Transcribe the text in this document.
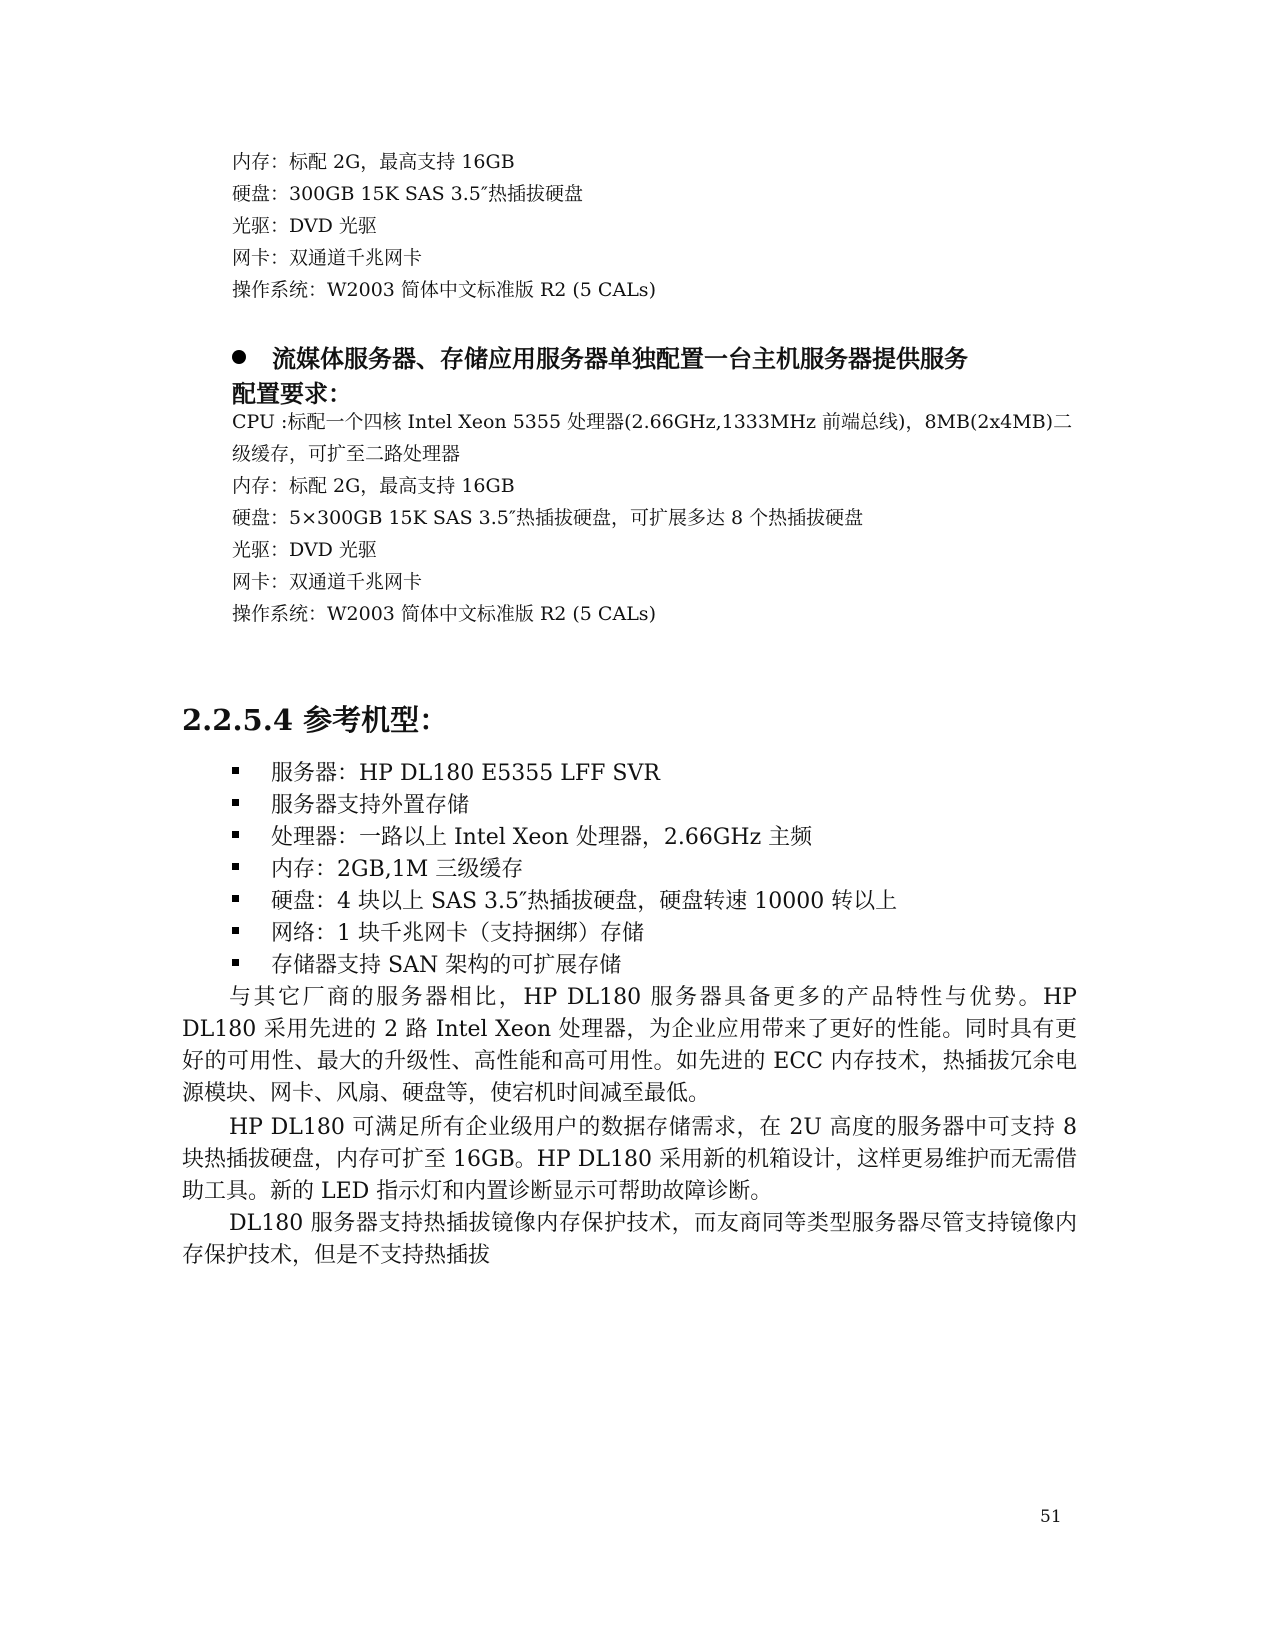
内存：标配 2G，最高支持 16GB
硬盘：300GB 15K SAS 3.5″热插拔硬盘
光驱：DVD 光驱
网卡：双通道千兆网卡
操作系统：W2003 简体中文标准版 R2 (5 CALs)
流媒体服务器、存储应用服务器单独配置一台主机服务器提供服务
配置要求：
CPU :标配一个四核 Intel Xeon 5355 处理器(2.66GHz,1333MHz 前端总线)，8MB(2x4MB)二级缓存，可扩至二路处理器
内存：标配 2G，最高支持 16GB
硬盘：5×300GB 15K SAS 3.5″热插拔硬盘，可扩展多达 8 个热插拔硬盘
光驱：DVD 光驱
网卡：双通道千兆网卡
操作系统：W2003 简体中文标准版 R2 (5 CALs)
2.2.5.4 参考机型：
服务器：HP DL180 E5355 LFF SVR
服务器支持外置存储
处理器：一路以上 Intel Xeon 处理器，2.66GHz 主频
内存：2GB,1M 三级缓存
硬盘：4 块以上 SAS 3.5″热插拔硬盘，硬盘转速 10000 转以上
网络：1 块千兆网卡（支持捆绑）存储
存储器支持 SAN 架构的可扩展存储

与其它厂商的服务器相比，HP DL180 服务器具备更多的产品特性与优势。HP DL180 采用先进的 2 路 Intel Xeon 处理器，为企业应用带来了更好的性能。同时具有更好的可用性、最大的升级性、高性能和高可用性。如先进的 ECC 内存技术，热插拔冗余电源模块、网卡、风扇、硬盘等，使宕机时间减至最低。

HP DL180 可满足所有企业级用户的数据存储需求，在 2U 高度的服务器中可支持 8 块热插拔硬盘，内存可扩至 16GB。HP DL180 采用新的机箱设计，这样更易维护而无需借助工具。新的 LED 指示灯和内置诊断显示可帮助故障诊断。

DL180 服务器支持热插拔镜像内存保护技术，而友商同等类型服务器尽管支持镜像内存保护技术，但是不支持热插拔

51
